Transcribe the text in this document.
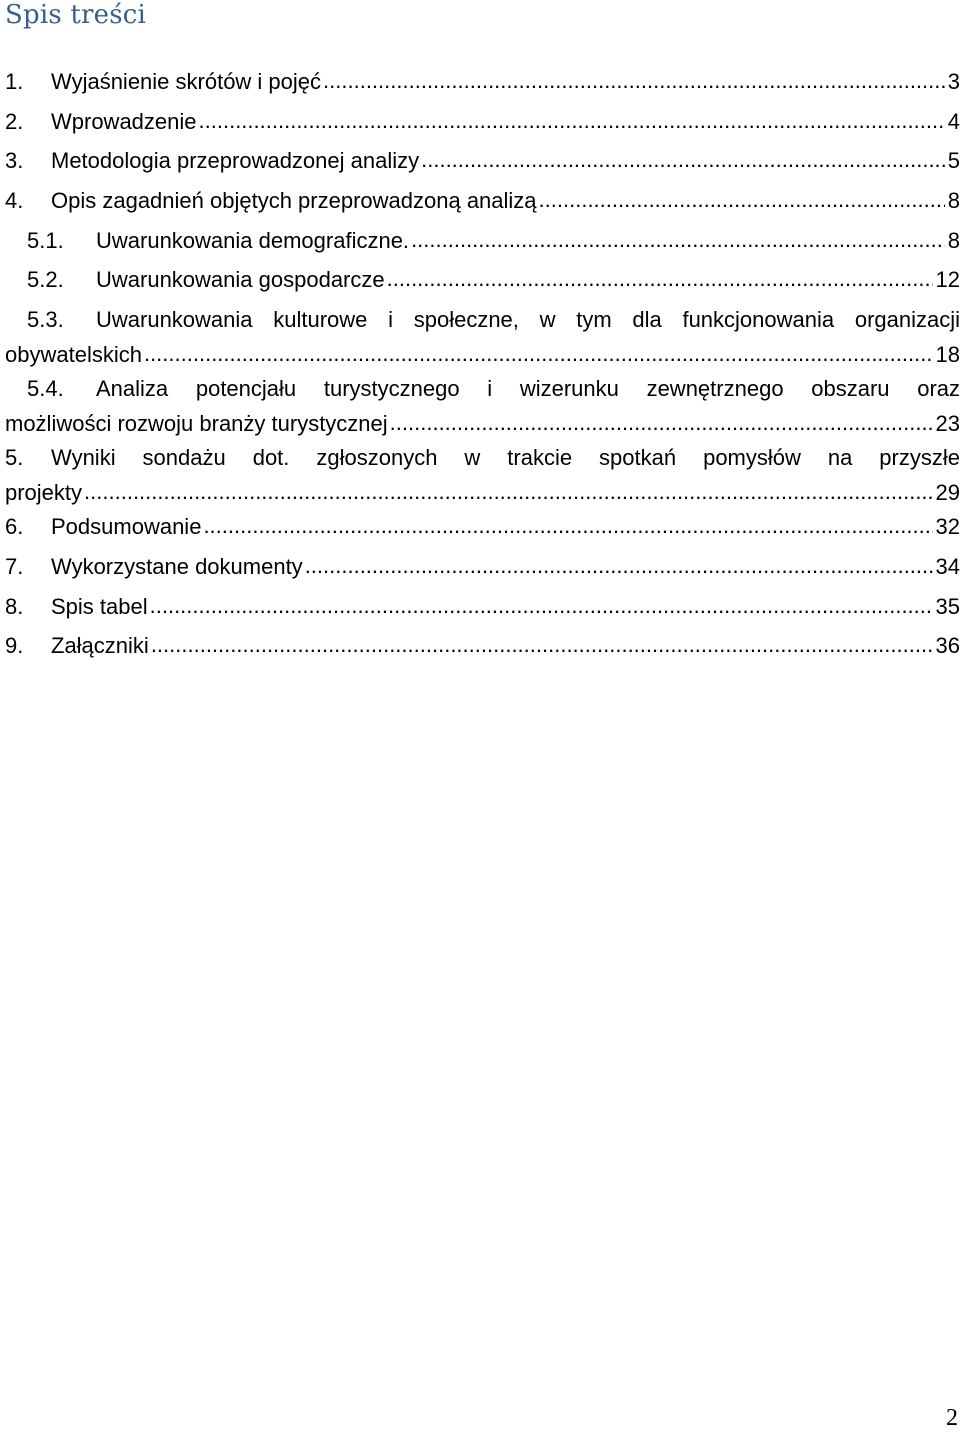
Spis treści
1.	Wyjaśnienie skrótów i pojęć .....	3
2.	Wprowadzenie .....	4
3.	Metodologia przeprowadzonej analizy .....	5
4.	Opis zagadnień objętych przeprowadzoną analizą .....	8
5.1.	Uwarunkowania demograficzne. .....	8
5.2.	Uwarunkowania gospodarcze .....	12
5.3.	Uwarunkowania kulturowe i społeczne, w tym dla funkcjonowania organizacji
obywatelskich .....	18
5.4.	Analiza potencjału turystycznego i wizerunku zewnętrznego obszaru oraz
możliwości rozwoju branży turystycznej .....	23
5.	Wyniki sondażu dot. zgłoszonych w trakcie spotkań pomysłów na przyszłe
projekty .....	29
6.	Podsumowanie .....	32
7.	Wykorzystane dokumenty .....	34
8.	Spis tabel .....	35
9.	Załączniki .....	36
2
